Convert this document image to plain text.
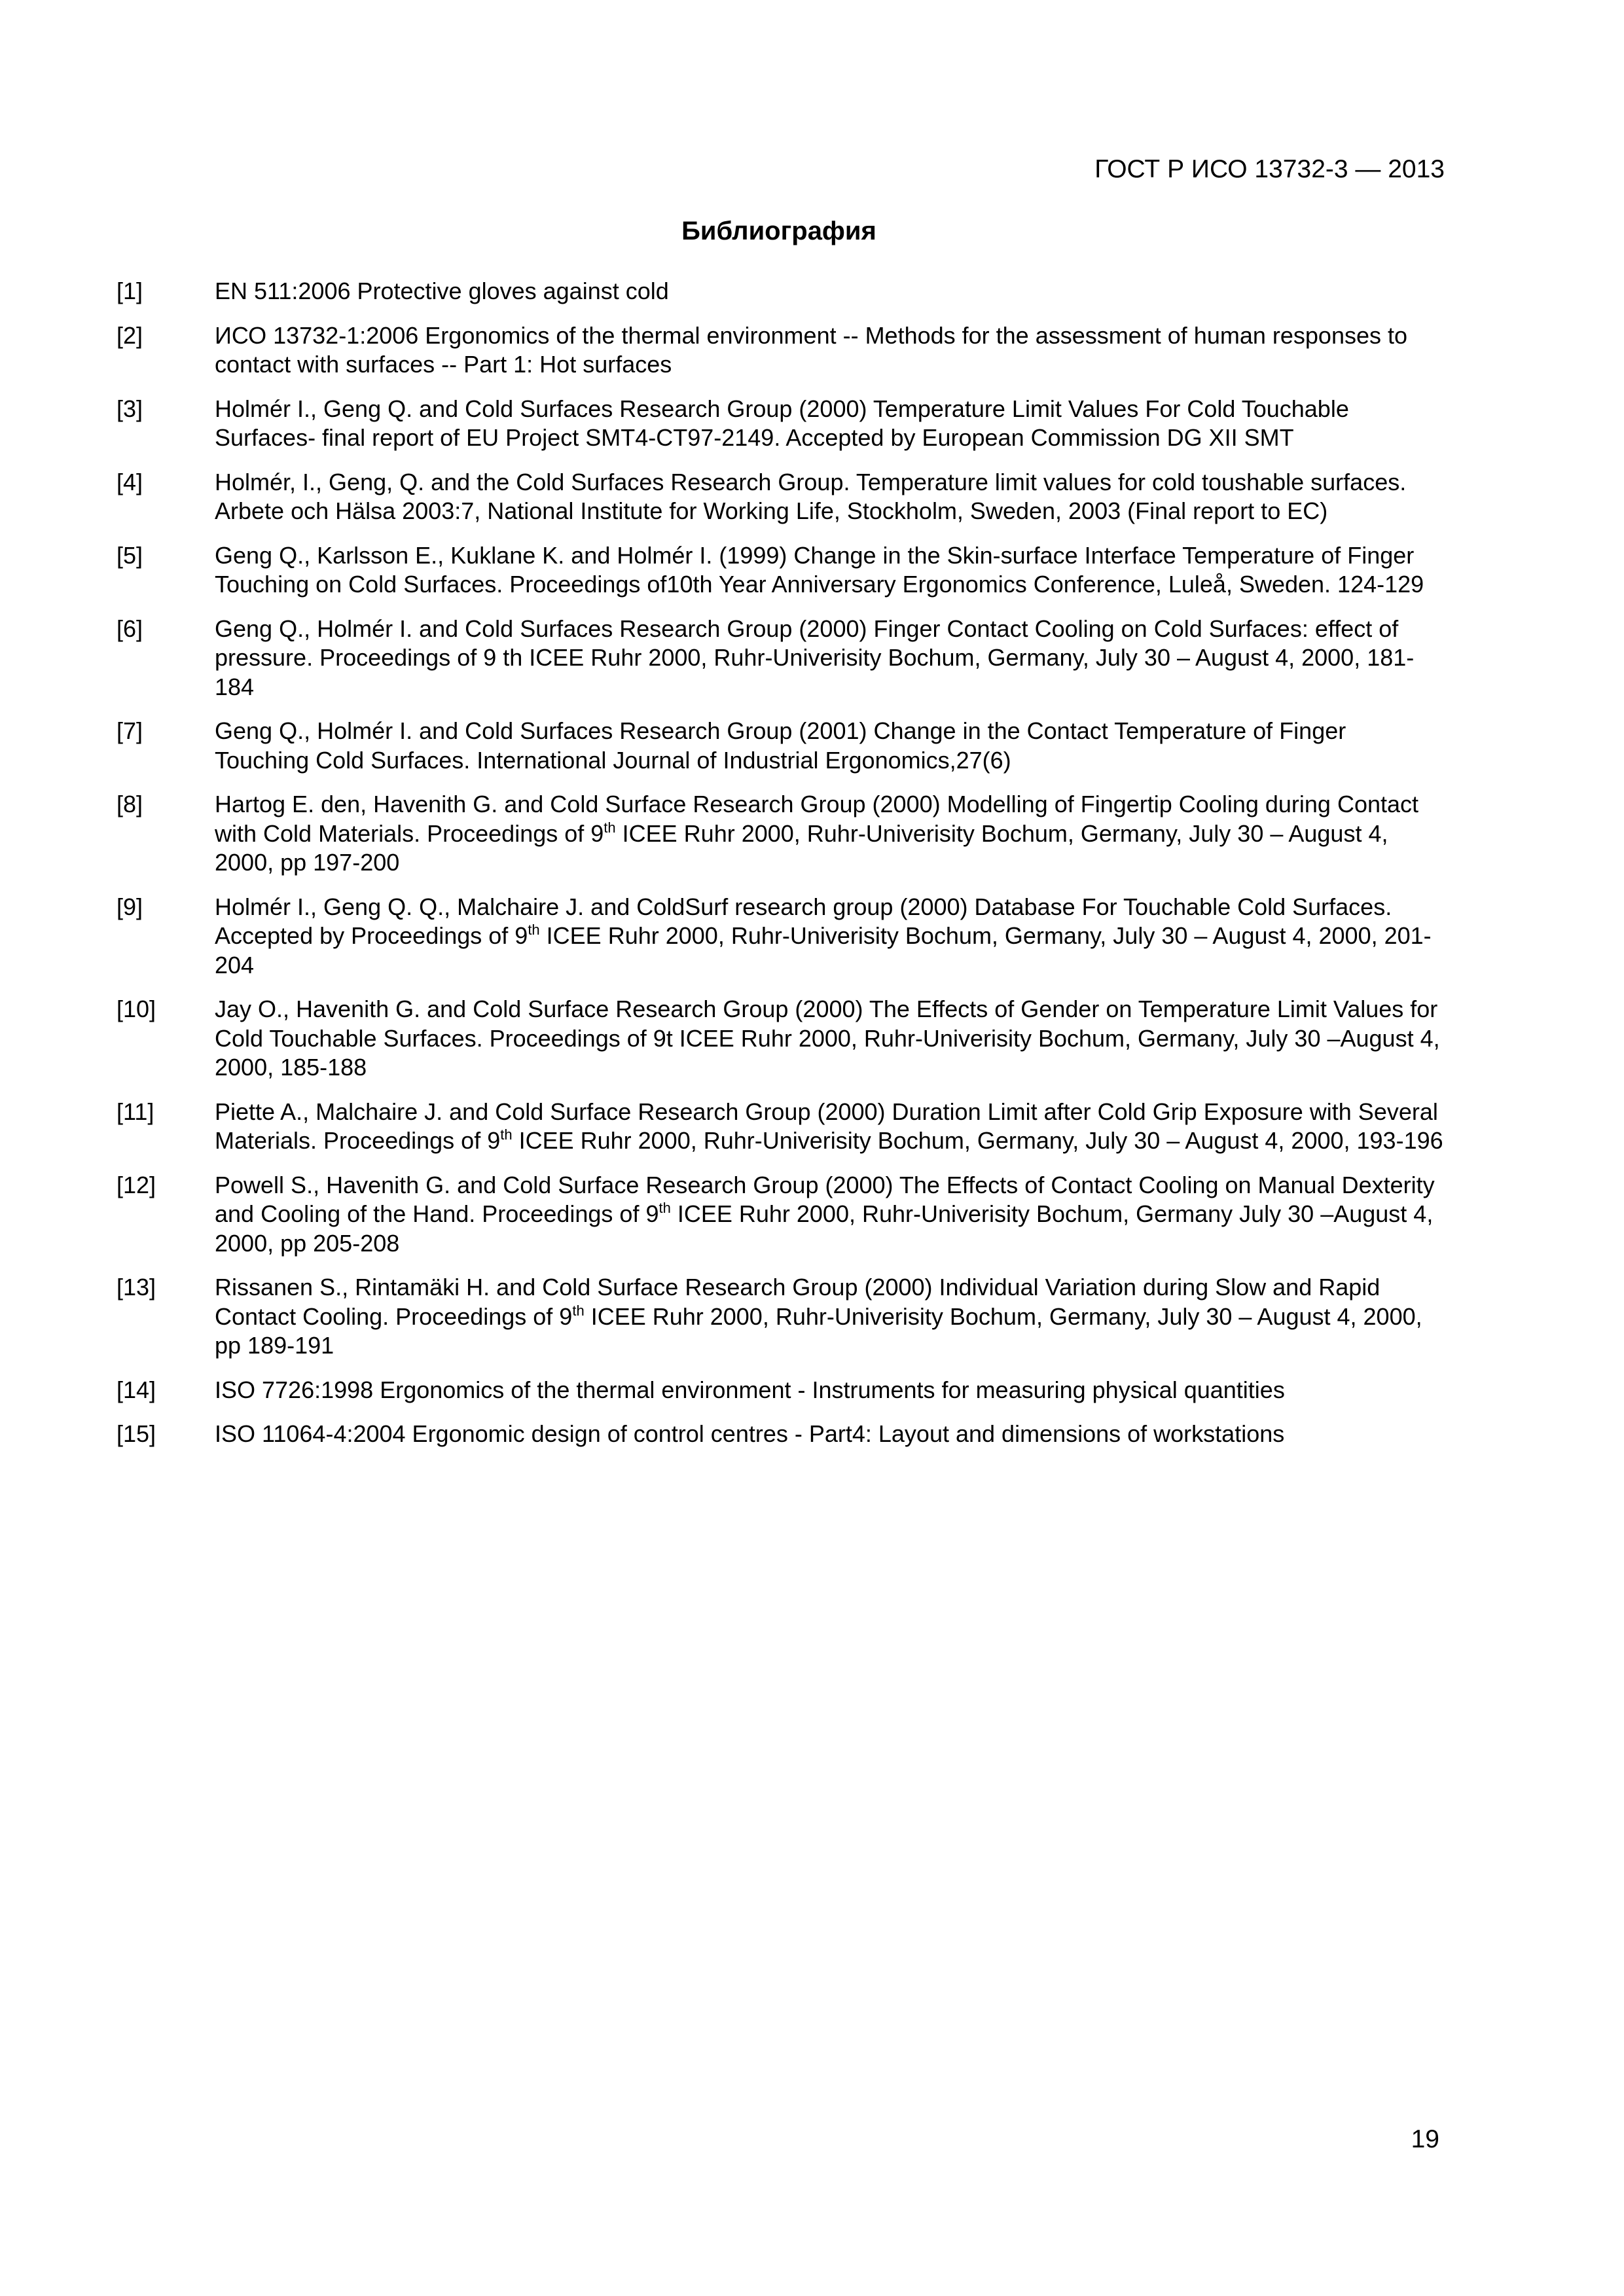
ГОСТ Р ИСО 13732-3 — 2013
Библиография
[1]	EN 511:2006 Protective gloves against cold
[2]	ИСО 13732-1:2006 Ergonomics of the thermal environment -- Methods for the assessment of human responses to contact with surfaces -- Part 1: Hot surfaces
[3]	Holmér I., Geng Q. and Cold Surfaces Research Group (2000) Temperature Limit Values For Cold Touchable Surfaces- final report of EU Project SMT4-CT97-2149. Accepted by European Commission DG XII SMT
[4]	Holmér, I., Geng, Q. and the Cold Surfaces Research Group. Temperature limit values for cold toushable surfaces. Arbete och Hälsa 2003:7, National Institute for Working Life, Stockholm, Sweden, 2003 (Final report to EC)
[5]	Geng Q., Karlsson E., Kuklane K. and Holmér I. (1999) Change in the Skin-surface Interface Temperature of Finger Touching on Cold Surfaces. Proceedings of10th Year Anniversary Ergonomics Conference, Luleå, Sweden. 124-129
[6]	Geng Q., Holmér I. and Cold Surfaces Research Group (2000) Finger Contact Cooling on Cold Surfaces: effect of pressure. Proceedings of 9 th ICEE Ruhr 2000, Ruhr-Univerisity Bochum, Germany, July 30 – August 4, 2000, 181-184
[7]	Geng Q., Holmér I. and Cold Surfaces Research Group (2001) Change in the Contact Temperature of Finger Touching Cold Surfaces. International Journal of Industrial Ergonomics,27(6)
[8]	Hartog E. den, Havenith G. and Cold Surface Research Group (2000) Modelling of Fingertip Cooling during Contact with Cold Materials. Proceedings of 9th ICEE Ruhr 2000, Ruhr-Univerisity Bochum, Germany, July 30 – August 4, 2000, pp 197-200
[9]	Holmér I., Geng Q. Q., Malchaire J. and ColdSurf research group (2000) Database For Touchable Cold Surfaces. Accepted by Proceedings of 9th ICEE Ruhr 2000, Ruhr-Univerisity Bochum, Germany, July 30 – August 4, 2000, 201-204
[10]	Jay O., Havenith G. and Cold Surface Research Group (2000) The Effects of Gender on Temperature Limit Values for Cold Touchable Surfaces. Proceedings of 9t ICEE Ruhr 2000, Ruhr-Univerisity Bochum, Germany, July 30 –August 4, 2000, 185-188
[11]	Piette A., Malchaire J. and Cold Surface Research Group (2000) Duration Limit after Cold Grip Exposure with Several Materials. Proceedings of 9th ICEE Ruhr 2000, Ruhr-Univerisity Bochum, Germany, July 30 – August 4, 2000, 193-196
[12]	Powell S., Havenith G. and Cold Surface Research Group (2000) The Effects of Contact Cooling on Manual Dexterity and Cooling of the Hand. Proceedings of 9th ICEE Ruhr 2000, Ruhr-Univerisity Bochum, Germany July 30 –August 4, 2000, pp 205-208
[13]	Rissanen S., Rintamäki H. and Cold Surface Research Group (2000) Individual Variation during Slow and Rapid Contact Cooling. Proceedings of 9th ICEE Ruhr 2000, Ruhr-Univerisity Bochum, Germany, July 30 – August 4, 2000, pp 189-191
[14]	ISO 7726:1998 Ergonomics of the thermal environment - Instruments for measuring physical quantities
[15]	ISO 11064-4:2004 Ergonomic design of control centres - Part4: Layout and dimensions of workstations
19
